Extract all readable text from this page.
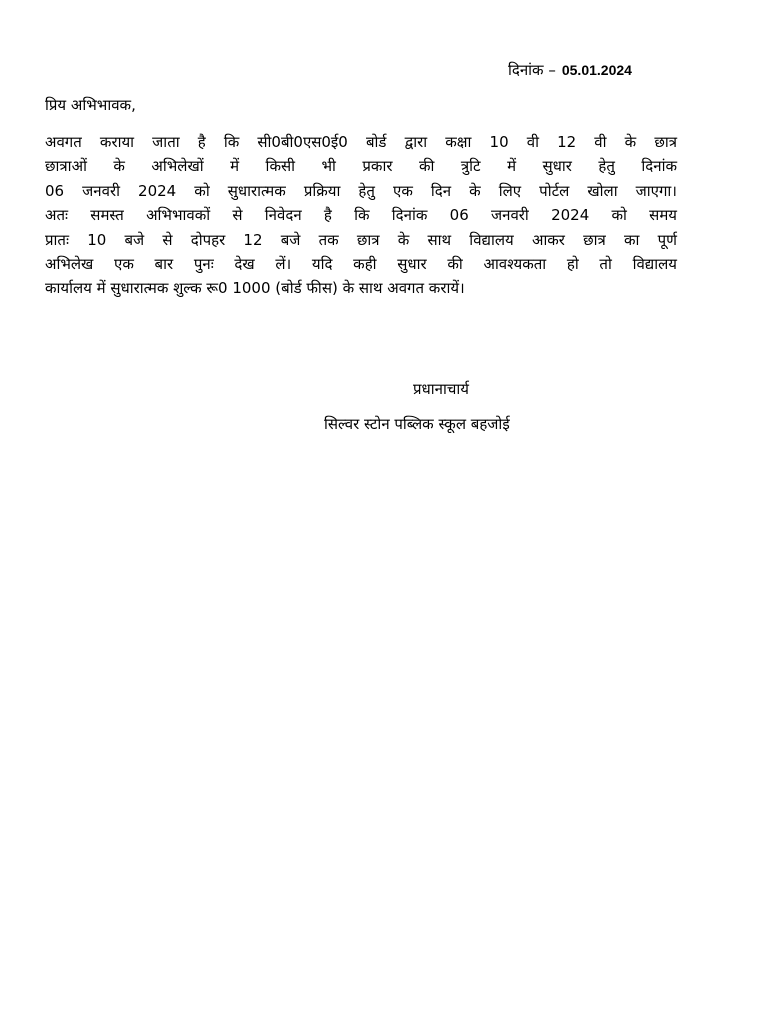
दिनांक – 05.01.2024
प्रिय अभिभावक,
अवगत कराया जाता है कि सी0बी0एस0ई0 बोर्ड द्वारा कक्षा 10 वी 12 वी के छात्र
छात्राओं के अभिलेखों में किसी भी प्रकार की त्रुटि में सुधार हेतु दिनांक
06 जनवरी 2024 को सुधारात्मक प्रक्रिया हेतु एक दिन के लिए पोर्टल खोला जाएगा।
अतः समस्त अभिभावकों से निवेदन है कि दिनांक 06 जनवरी 2024 को समय
प्रातः 10 बजे से दोपहर 12 बजे तक छात्र के साथ विद्यालय आकर छात्र का पूर्ण
अभिलेख एक बार पुनः देख लें। यदि कही सुधार की आवश्यकता हो तो विद्यालय
कार्यालय में सुधारात्मक शुल्क रू0 1000 (बोर्ड फीस) के साथ अवगत करायें।
प्रधानाचार्य
सिल्वर स्टोन पब्लिक स्कूल बहजोई
